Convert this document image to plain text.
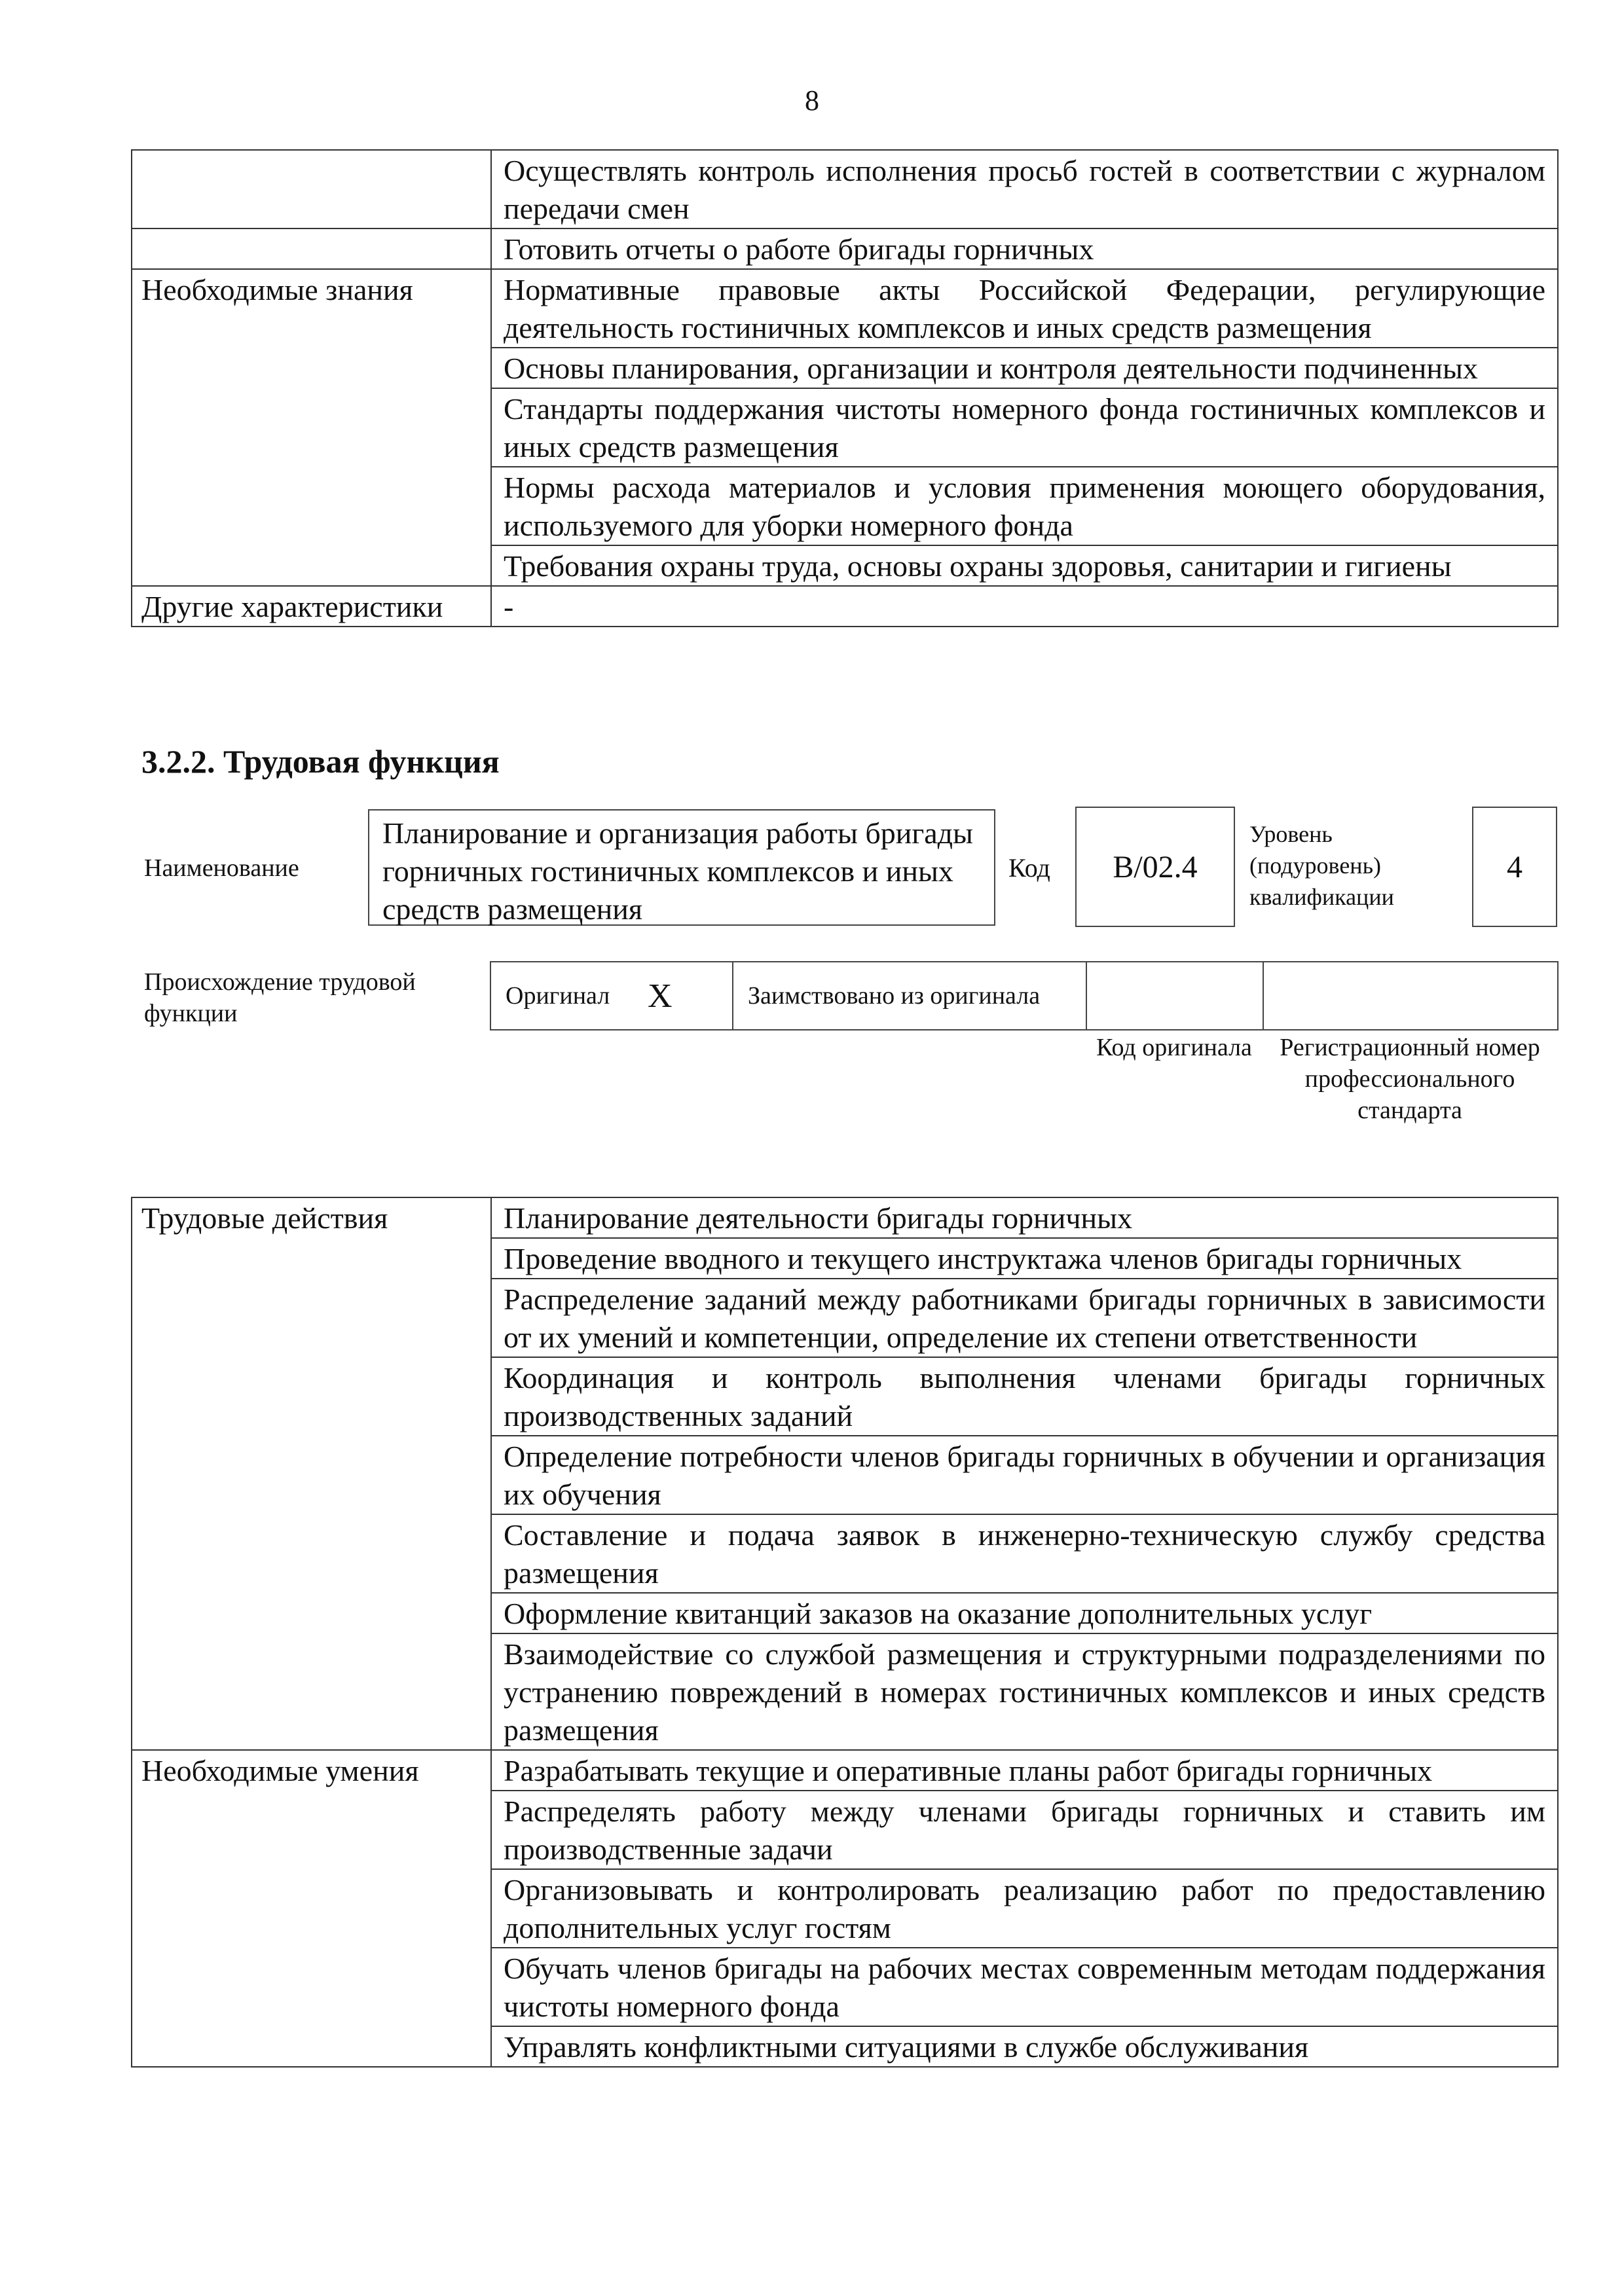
8
	Осуществлять контроль исполнения просьб гостей в соответствии с журналом передачи смен
	Готовить отчеты о работе бригады горничных
Необходимые знания	Нормативные правовые акты Российской Федерации, регулирующие деятельность гостиничных комплексов и иных средств размещения
	Основы планирования, организации и контроля деятельности подчиненных
	Стандарты поддержания чистоты номерного фонда гостиничных комплексов и иных средств размещения
	Нормы расхода материалов и условия применения моющего оборудования, используемого для уборки номерного фонда
	Требования охраны труда, основы охраны здоровья, санитарии и гигиены
Другие характеристики	-
3.2.2. Трудовая функция
Наименование
Планирование и организация работы бригады горничных гостиничных комплексов и иных средств размещения
Код	B/02.4
Уровень (подуровень) квалификации
4
Происхождение трудовой функции
Оригинал	X	Заимствовано из оригинала		
Код оригинала	Регистрационный номер профессионального стандарта
Трудовые действия	Планирование деятельности бригады горничных
	Проведение вводного и текущего инструктажа членов бригады горничных
	Распределение заданий между работниками бригады горничных в зависимости от их умений и компетенции, определение их степени ответственности
	Координация и контроль выполнения членами бригады горничных производственных заданий
	Определение потребности членов бригады горничных в обучении и организация их обучения
	Составление и подача заявок в инженерно-техническую службу средства размещения
	Оформление квитанций заказов на оказание дополнительных услуг
	Взаимодействие со службой размещения и структурными подразделениями по устранению повреждений в номерах гостиничных комплексов и иных средств размещения
Необходимые умения	Разрабатывать текущие и оперативные планы работ бригады горничных
	Распределять работу между членами бригады горничных и ставить им производственные задачи
	Организовывать и контролировать реализацию работ по предоставлению дополнительных услуг гостям
	Обучать членов бригады на рабочих местах современным методам поддержания чистоты номерного фонда
	Управлять конфликтными ситуациями в службе обслуживания
